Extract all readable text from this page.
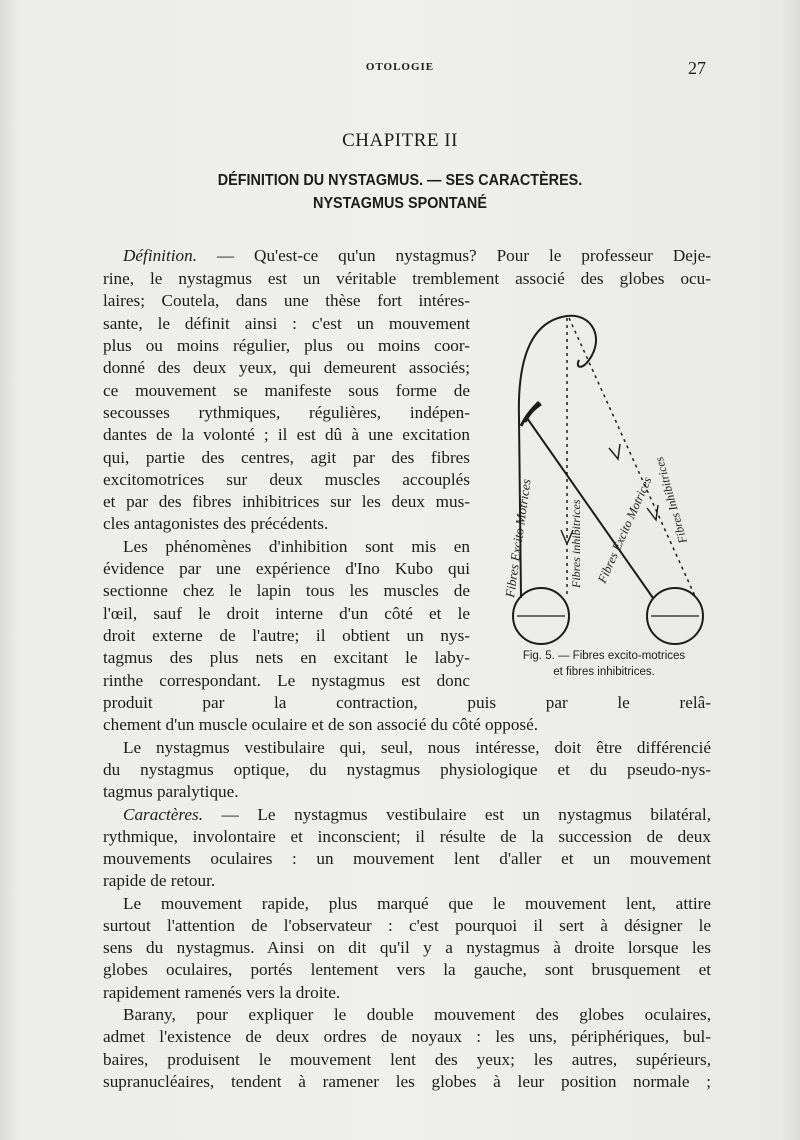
OTOLOGIE	27
CHAPITRE II
DÉFINITION DU NYSTAGMUS. — SES CARACTÈRES.
NYSTAGMUS SPONTANÉ
Définition. — Qu'est-ce qu'un nystagmus? Pour le professeur Deje-
rine, le nystagmus est un véritable tremblement associé des globes ocu-
laires; Coutela, dans une thèse fort intéres-
sante, le définit ainsi : c'est un mouvement
plus ou moins régulier, plus ou moins coor-
donné des deux yeux, qui demeurent associés;
ce mouvement se manifeste sous forme de
secousses rythmiques, régulières, indépen-
dantes de la volonté ; il est dû à une excitation
qui, partie des centres, agit par des fibres
excitomotrices sur deux muscles accouplés
et par des fibres inhibitrices sur les deux mus-
cles antagonistes des précédents.
Les phénomènes d'inhibition sont mis en
évidence par une expérience d'Ino Kubo qui
sectionne chez le lapin tous les muscles de
l'œil, sauf le droit interne d'un côté et le
droit externe de l'autre; il obtient un nys-
tagmus des plus nets en excitant le laby-
rinthe correspondant. Le nystagmus est donc
produit par la contraction, puis par le relâ-
chement d'un muscle oculaire et de son associé du côté opposé.
Le nystagmus vestibulaire qui, seul, nous intéresse, doit être différencié
du nystagmus optique, du nystagmus physiologique et du pseudo-nys-
tagmus paralytique.
Caractères. — Le nystagmus vestibulaire est un nystagmus bilatéral,
rythmique, involontaire et inconscient; il résulte de la succession de deux
mouvements oculaires : un mouvement lent d'aller et un mouvement
rapide de retour.
Le mouvement rapide, plus marqué que le mouvement lent, attire
surtout l'attention de l'observateur : c'est pourquoi il sert à désigner le
sens du nystagmus. Ainsi on dit qu'il y a nystagmus à droite lorsque les
globes oculaires, portés lentement vers la gauche, sont brusquement et
rapidement ramenés vers la droite.
Barany, pour expliquer le double mouvement des globes oculaires,
admet l'existence de deux ordres de noyaux : les uns, périphériques, bul-
baires, produisent le mouvement lent des yeux; les autres, supérieurs,
supranucléaires, tendent à ramener les globes à leur position normale ;
Fibres Excito Motrices	Fibres inhibitrices Fibres Excito Motrices
Fibres Inhibitrices
Fig. 5. — Fibres excito-motrices
et fibres inhibitrices.
